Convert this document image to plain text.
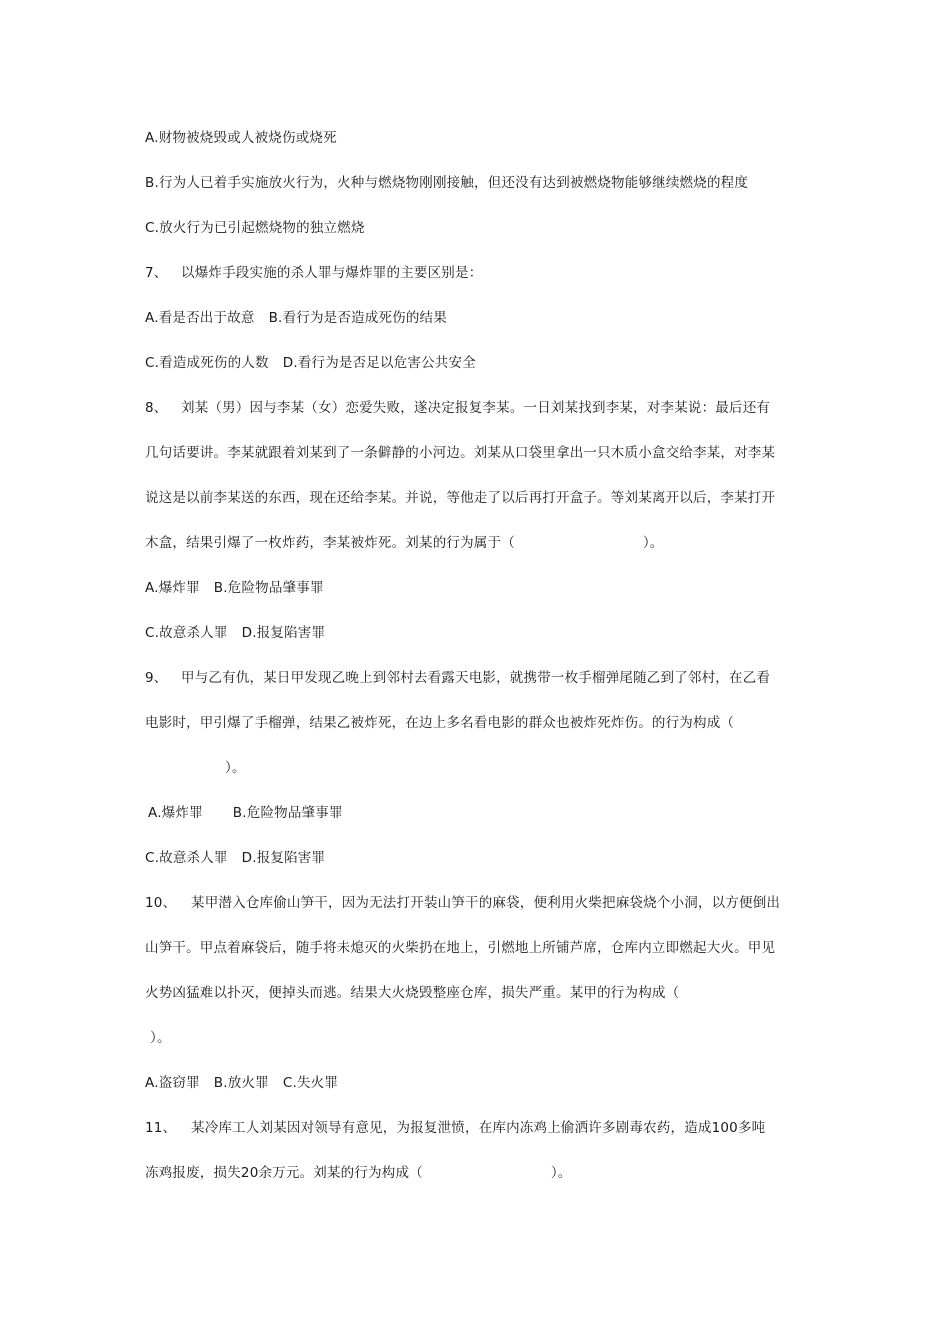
A.财物被烧毁或人被烧伤或烧死
B.行为人已着手实施放火行为，火种与燃烧物刚刚接触，但还没有达到被燃烧物能够继续燃烧的程度
C.放火行为已引起燃烧物的独立燃烧
7、 以爆炸手段实施的杀人罪与爆炸罪的主要区别是：
A.看是否出于故意 B.看行为是否造成死伤的结果
C.看造成死伤的人数 D.看行为是否足以危害公共安全
8、 刘某（男）因与李某（女）恋爱失败，遂决定报复李某。一日刘某找到李某，对李某说：最后还有
几句话要讲。李某就跟着刘某到了一条僻静的小河边。刘某从口袋里拿出一只木质小盒交给李某，对李某
说这是以前李某送的东西，现在还给李某。并说，等他走了以后再打开盒子。等刘某离开以后，李某打开
木盒，结果引爆了一枚炸药，李某被炸死。刘某的行为属于（	）。
A.爆炸罪 B.危险物品肇事罪
C.故意杀人罪 D.报复陷害罪
9、 甲与乙有仇，某日甲发现乙晚上到邻村去看露天电影，就携带一枚手榴弹尾随乙到了邻村，在乙看
电影时，甲引爆了手榴弹，结果乙被炸死，在边上多名看电影的群众也被炸死炸伤。的行为构成（
）。
A.爆炸罪 B.危险物品肇事罪
C.故意杀人罪 D.报复陷害罪
10、 某甲潜入仓库偷山笋干，因为无法打开装山笋干的麻袋，便利用火柴把麻袋烧个小洞，以方便倒出
山笋干。甲点着麻袋后，随手将未熄灭的火柴扔在地上，引燃地上所铺芦席，仓库内立即燃起大火。甲见
火势凶猛难以扑灭，便掉头而逃。结果大火烧毁整座仓库，损失严重。某甲的行为构成（
）。
A.盗窃罪 B.放火罪 C.失火罪
11、 某冷库工人刘某因对领导有意见，为报复泄愤，在库内冻鸡上偷洒许多剧毒农药，造成100多吨
冻鸡报废，损失20余万元。刘某的行为构成（	）。
